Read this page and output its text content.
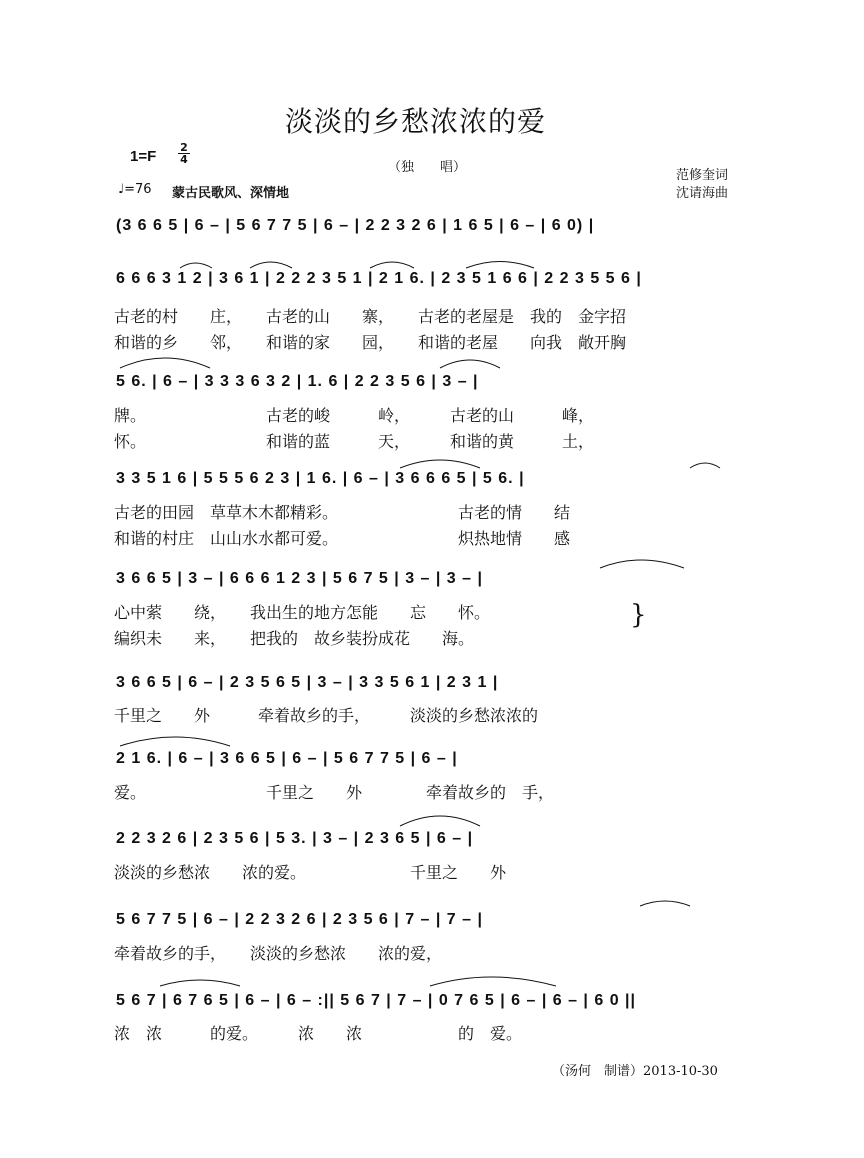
淡淡的乡愁浓浓的爱
1=F
2
4
（独　　唱）
♩=76 蒙古民歌风、深情地
范修奎词
沈请海曲
(3 6 6 5 | 6 – | 5 6 7 7 5 | 6 – | 2 2 3 2 6 | 1 6 5 | 6 – | 6 0) |
6 6 6 3 1 2 | 3 6 1 | 2 2 2 3 5 1 | 2 1 6. | 2 3 5 1 6 6 | 2 2 3 5 5 6 |
古老的村　　庄，　　古老的山　　寨，　　古老的老屋是　我的　金字招
和谐的乡　　邻，　　和谐的家　　园，　　和谐的老屋　　向我　敞开胸
5 6. | 6 – | 3 3 3 6 3 2 | 1. 6 | 2 2 3 5 6 | 3 – |
牌。　　　　　　　　古老的峻　　　岭，　　　古老的山　　　峰，
怀。　　　　　　　　和谐的蓝　　　天，　　　和谐的黄　　　土，
3 3 5 1 6 | 5 5 5 6 2 3 | 1 6. | 6 – | 3 6 6 6 5 | 5 6. |
古老的田园　草草木木都精彩。　　　　　　　　古老的情　　结
和谐的村庄　山山水水都可爱。　　　　　　　　炽热地情　　感
3 6 6 5 | 3 – | 6 6 6 1 2 3 | 5 6 7 5 | 3 – | 3 – |
心中萦　　绕，　　我出生的地方怎能　　忘　　怀。
编织未　　来，　　把我的　故乡装扮成花　　海。
}
3 6 6 5 | 6 – | 2 3 5 6 5 | 3 – | 3 3 5 6 1 | 2 3 1 |
千里之　　外　　　牵着故乡的手，　　　淡淡的乡愁浓浓的
2 1 6. | 6 – | 3 6 6 5 | 6 – | 5 6 7 7 5 | 6 – |
爱。　　　　　　　　千里之　　外　　　　牵着故乡的　手，
2 2 3 2 6 | 2 3 5 6 | 5 3. | 3 – | 2 3 6 5 | 6 – |
淡淡的乡愁浓　　浓的爱。　　　　　　　千里之　　外
5 6 7 7 5 | 6 – | 2 2 3 2 6 | 2 3 5 6 | 7 – | 7 – |
牵着故乡的手，　　淡淡的乡愁浓　　浓的爱，
5 6 7 | 6 7 6 5 | 6 – | 6 – :|| 5 6 7 | 7 – | 0 7 6 5 | 6 – | 6 – | 6 0 ||
浓　浓　　　的爱。　　　浓　　浓　　　　　　的　爱。
（汤何　制谱）2013-10-30
